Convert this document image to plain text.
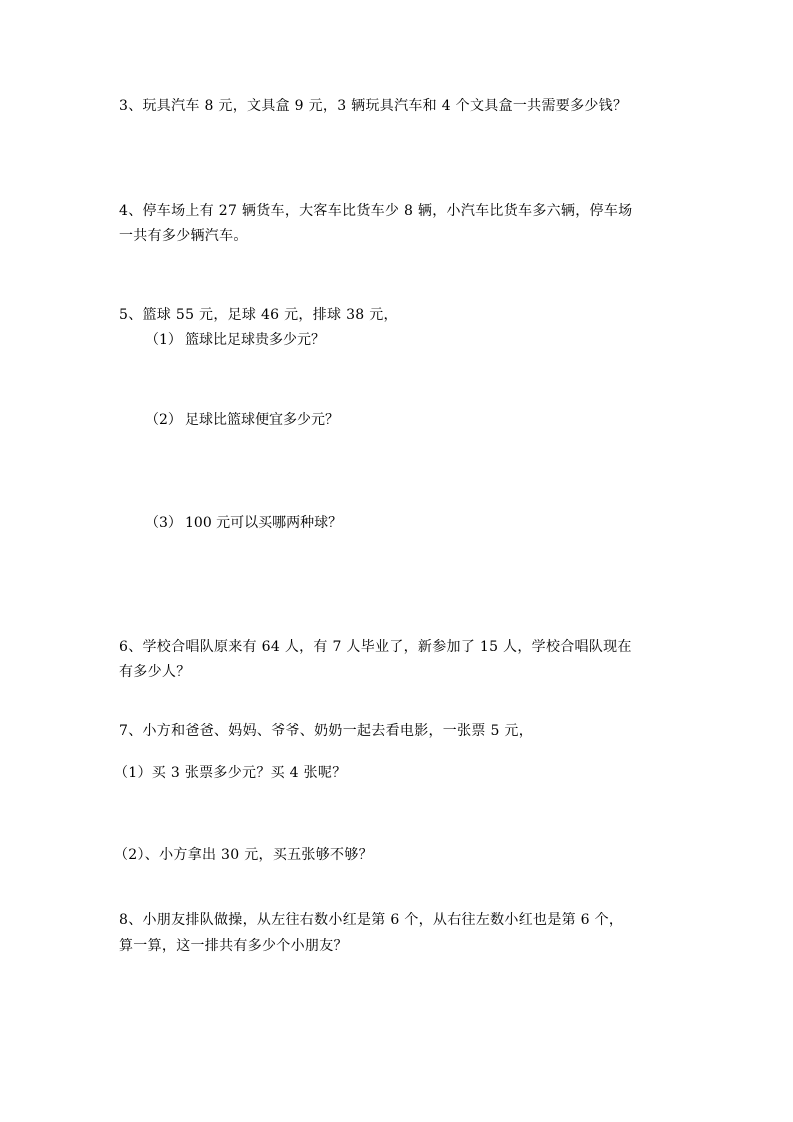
3、玩具汽车 8 元，文具盒 9 元，3 辆玩具汽车和 4 个文具盒一共需要多少钱？
4、停车场上有 27 辆货车，大客车比货车少 8 辆，小汽车比货车多六辆，停车场
一共有多少辆汽车。
5、篮球 55 元，足球 46 元，排球 38 元，
（1） 篮球比足球贵多少元？
（2） 足球比篮球便宜多少元？
（3） 100 元可以买哪两种球？
6、学校合唱队原来有 64 人，有 7 人毕业了，新参加了 15 人，学校合唱队现在
有多少人？
7、小方和爸爸、妈妈、爷爷、奶奶一起去看电影，一张票 5 元，
（1）买 3 张票多少元？买 4 张呢？
（2）、小方拿出 30 元，买五张够不够？
8、小朋友排队做操，从左往右数小红是第 6 个，从右往左数小红也是第 6 个，
算一算，这一排共有多少个小朋友？
